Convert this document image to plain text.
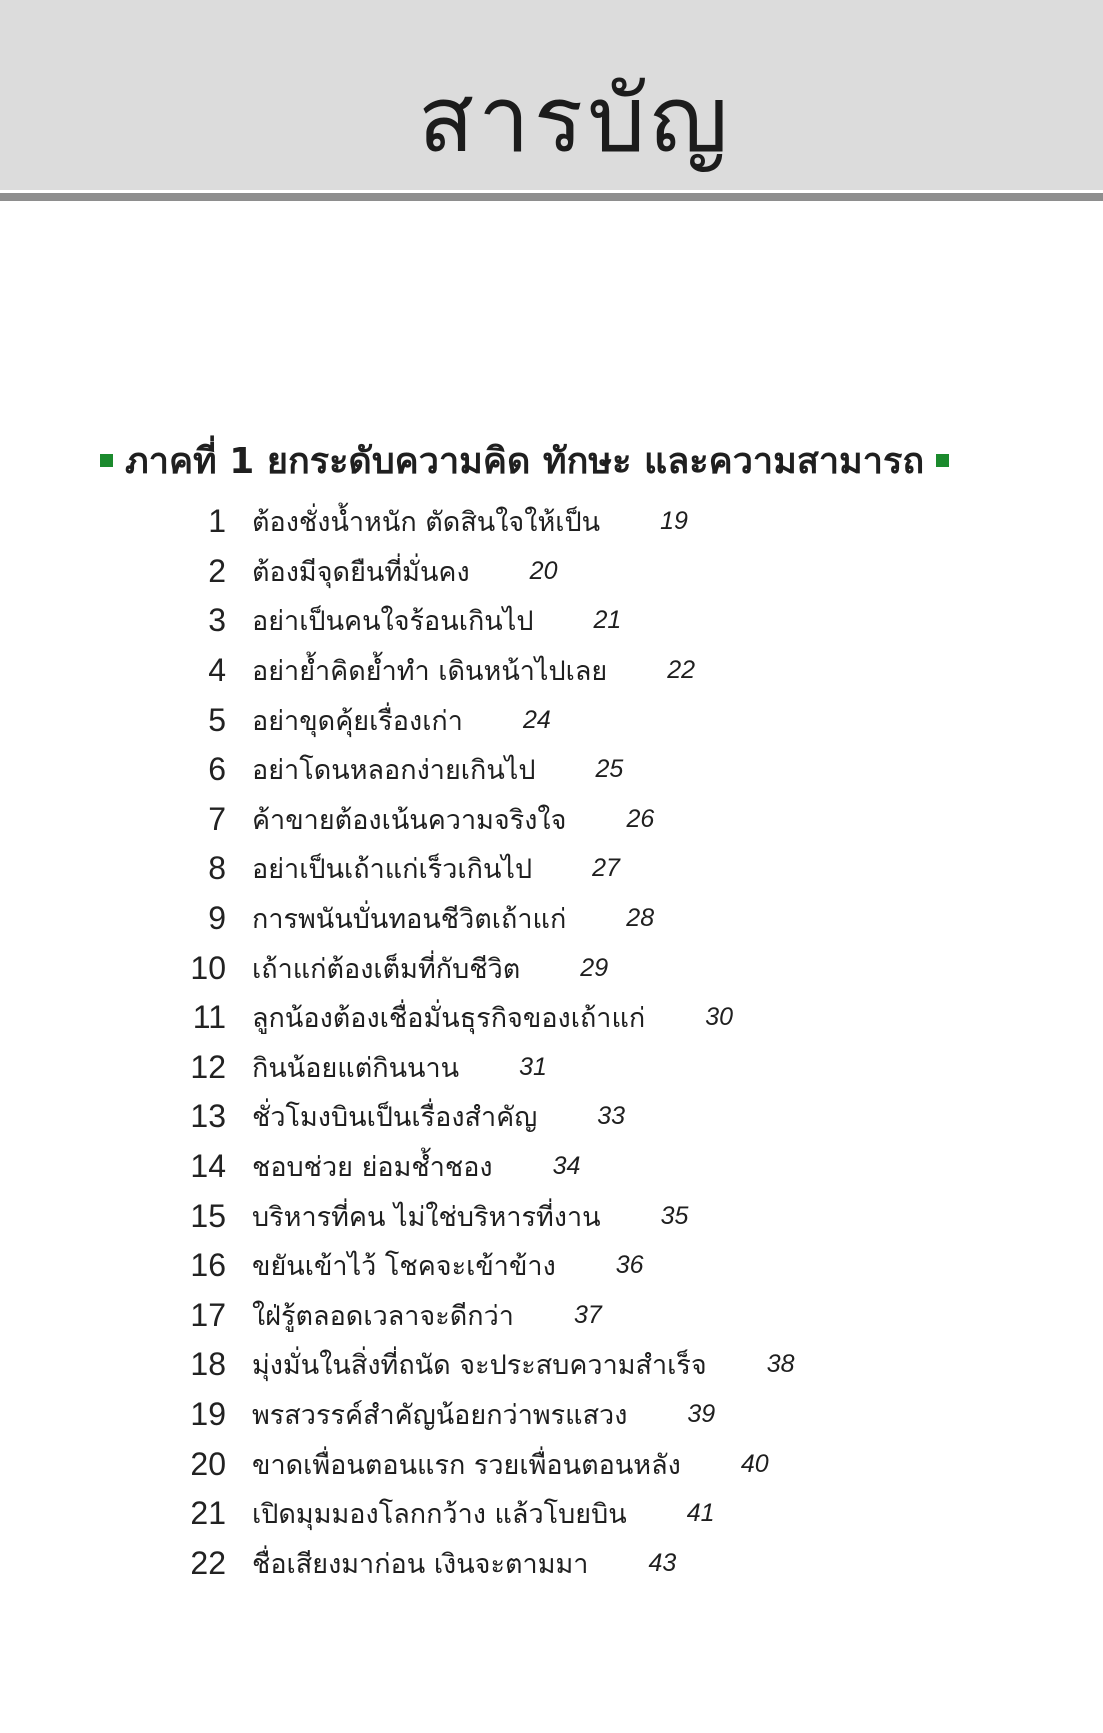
สารบัญ
ภาคที่ 1 ยกระดับความคิด ทักษะ และความสามารถ
1 ต้องชั่งน้ำหนัก ตัดสินใจให้เป็น 19
2 ต้องมีจุดยืนที่มั่นคง 20
3 อย่าเป็นคนใจร้อนเกินไป 21
4 อย่าย้ำคิดย้ำทำ เดินหน้าไปเลย 22
5 อย่าขุดคุ้ยเรื่องเก่า 24
6 อย่าโดนหลอกง่ายเกินไป 25
7 ค้าขายต้องเน้นความจริงใจ 26
8 อย่าเป็นเถ้าแก่เร็วเกินไป 27
9 การพนันบั่นทอนชีวิตเถ้าแก่ 28
10 เถ้าแก่ต้องเต็มที่กับชีวิต 29
11 ลูกน้องต้องเชื่อมั่นธุรกิจของเถ้าแก่ 30
12 กินน้อยแต่กินนาน 31
13 ชั่วโมงบินเป็นเรื่องสำคัญ 33
14 ชอบช่วย ย่อมช้ำชอง 34
15 บริหารที่คน ไม่ใช่บริหารที่งาน 35
16 ขยันเข้าไว้ โชคจะเข้าข้าง 36
17 ใฝ่รู้ตลอดเวลาจะดีกว่า 37
18 มุ่งมั่นในสิ่งที่ถนัด จะประสบความสำเร็จ 38
19 พรสวรรค์สำคัญน้อยกว่าพรแสวง 39
20 ขาดเพื่อนตอนแรก รวยเพื่อนตอนหลัง 40
21 เปิดมุมมองโลกกว้าง แล้วโบยบิน 41
22 ชื่อเสียงมาก่อน เงินจะตามมา 43
